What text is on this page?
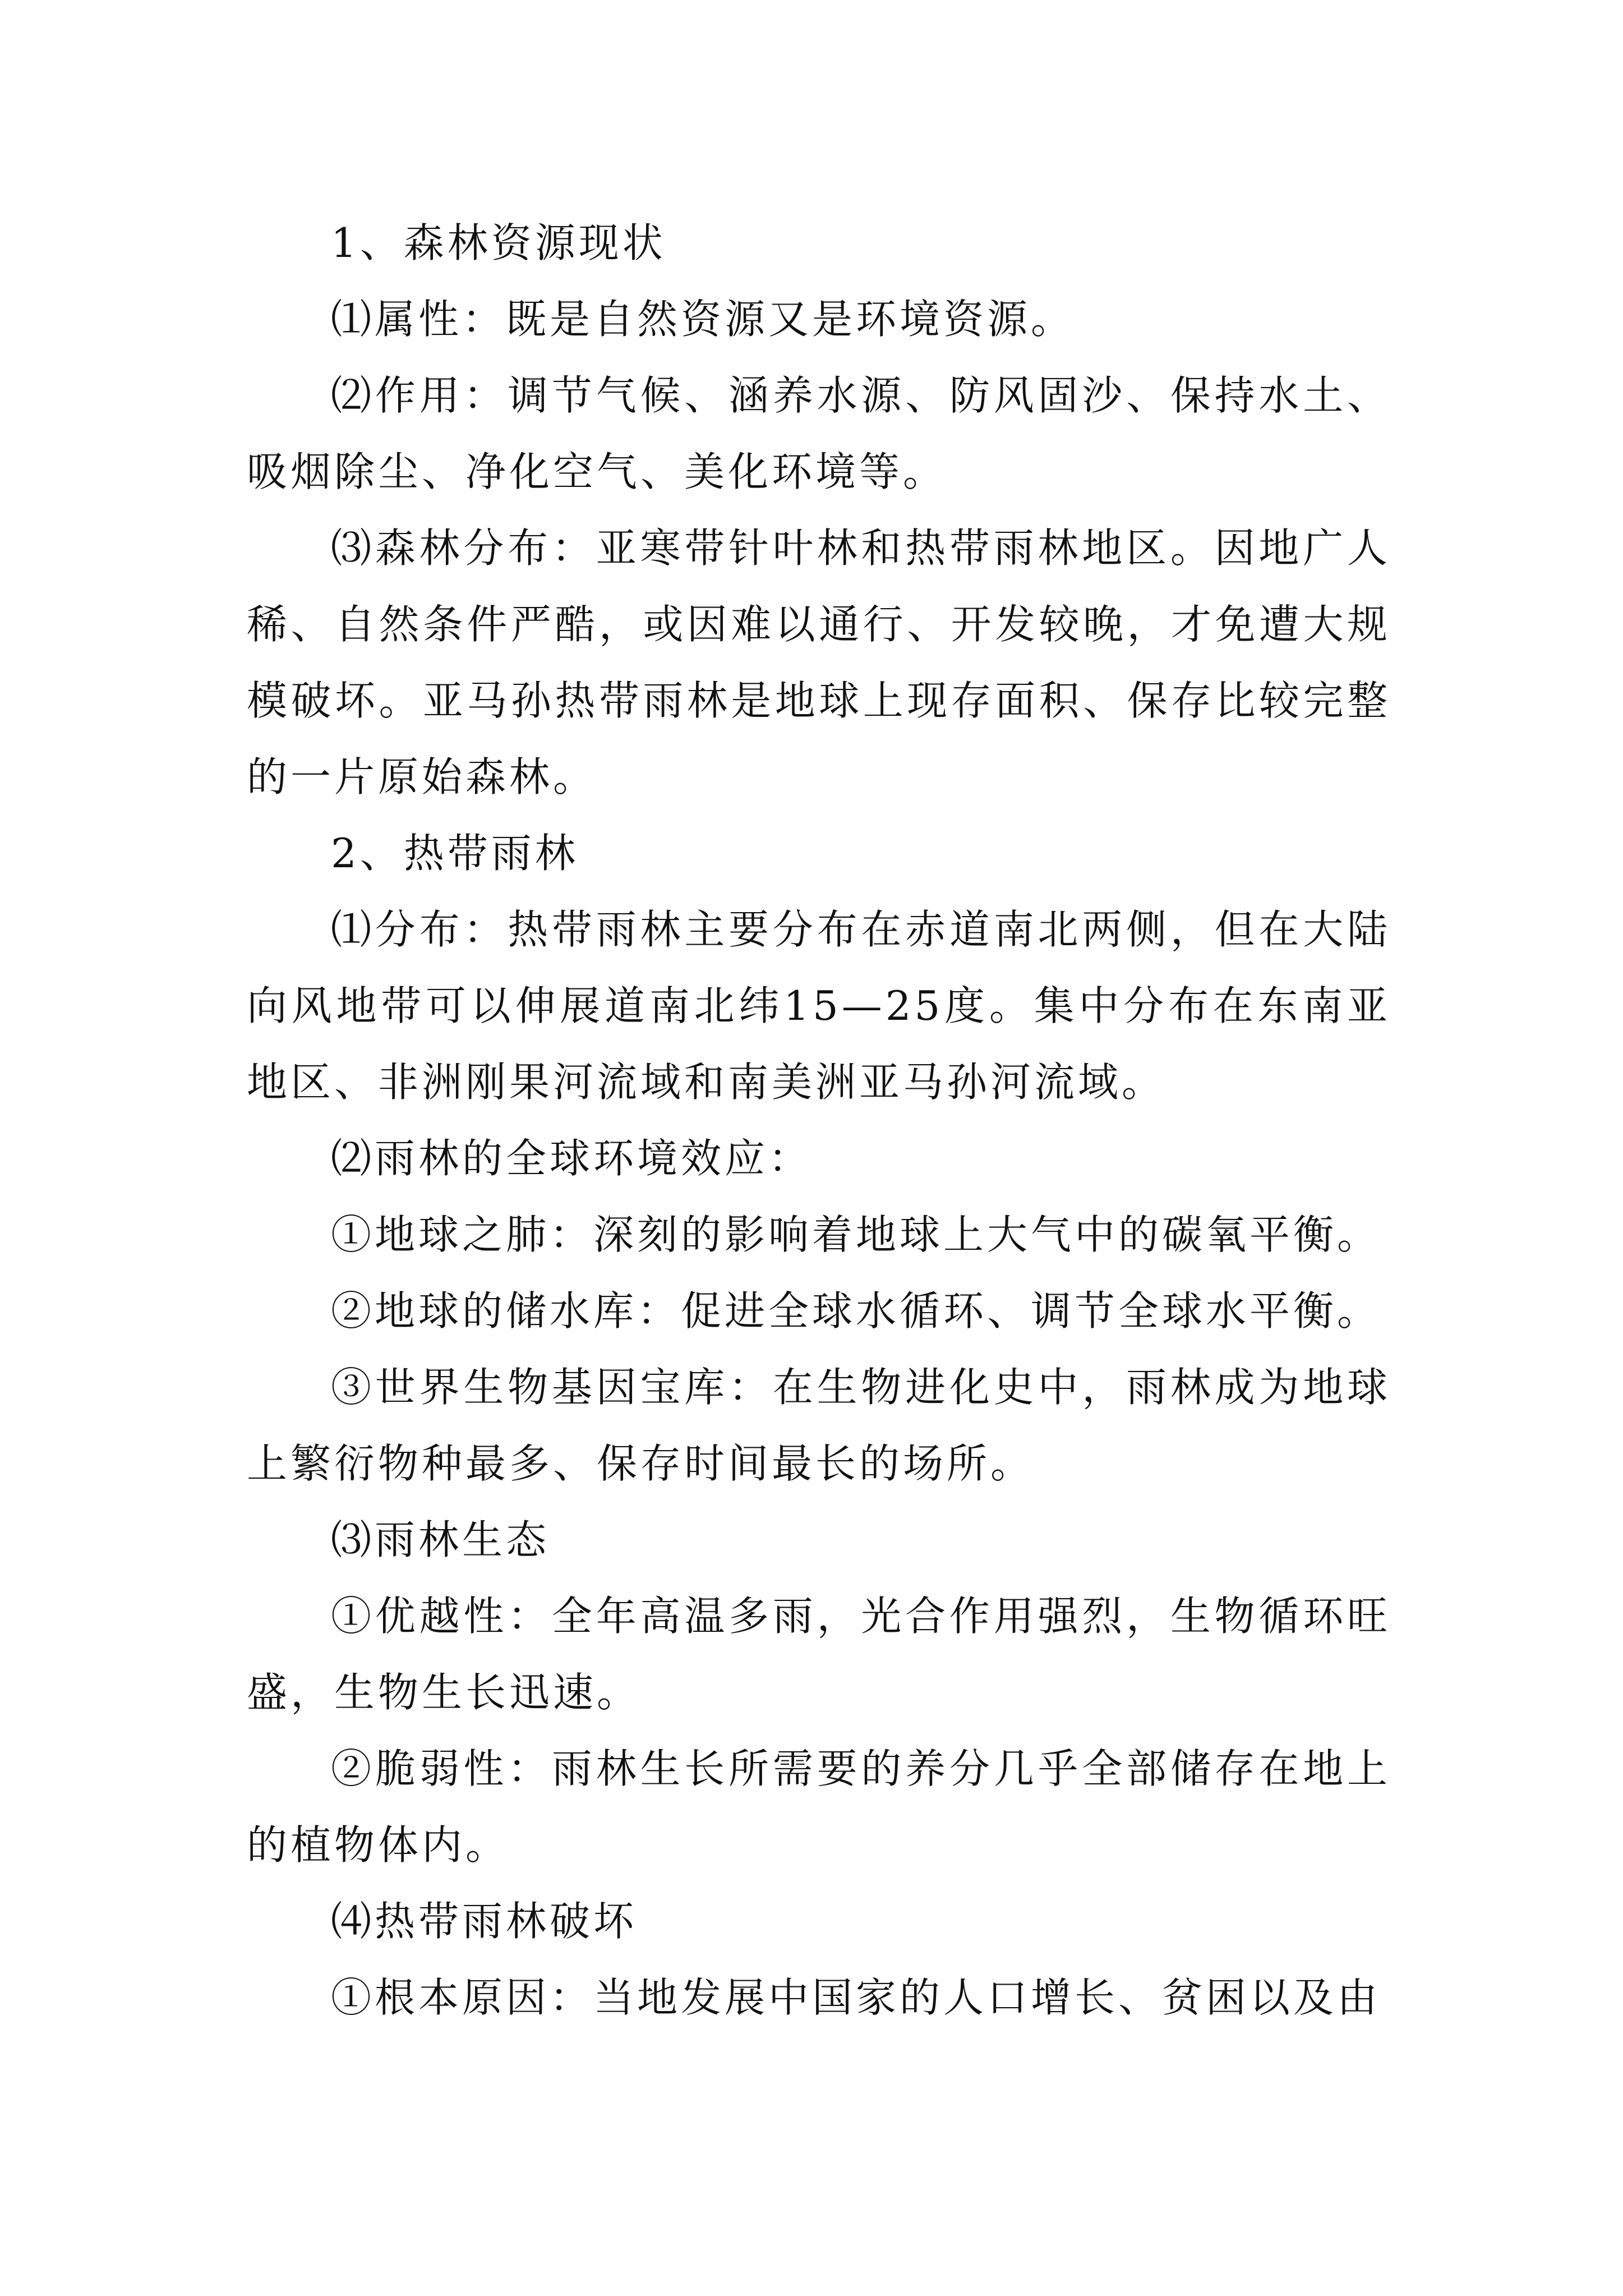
1、森林资源现状

⑴属性：既是自然资源又是环境资源。

⑵作用：调节气候、涵养水源、防风固沙、保持水土、吸烟除尘、净化空气、美化环境等。

⑶森林分布：亚寒带针叶林和热带雨林地区。因地广人稀、自然条件严酷，或因难以通行、开发较晚，才免遭大规模破坏。亚马孙热带雨林是地球上现存面积、保存比较完整的一片原始森林。

2、热带雨林

⑴分布：热带雨林主要分布在赤道南北两侧，但在大陆向风地带可以伸展道南北纬15—25度。集中分布在东南亚地区、非洲刚果河流域和南美洲亚马孙河流域。

⑵雨林的全球环境效应：

①地球之肺：深刻的影响着地球上大气中的碳氧平衡。

②地球的储水库：促进全球水循环、调节全球水平衡。

③世界生物基因宝库：在生物进化史中，雨林成为地球上繁衍物种最多、保存时间最长的场所。

⑶雨林生态

①优越性：全年高温多雨，光合作用强烈，生物循环旺盛，生物生长迅速。

②脆弱性：雨林生长所需要的养分几乎全部储存在地上的植物体内。

⑷热带雨林破坏

①根本原因：当地发展中国家的人口增长、贫困以及由
